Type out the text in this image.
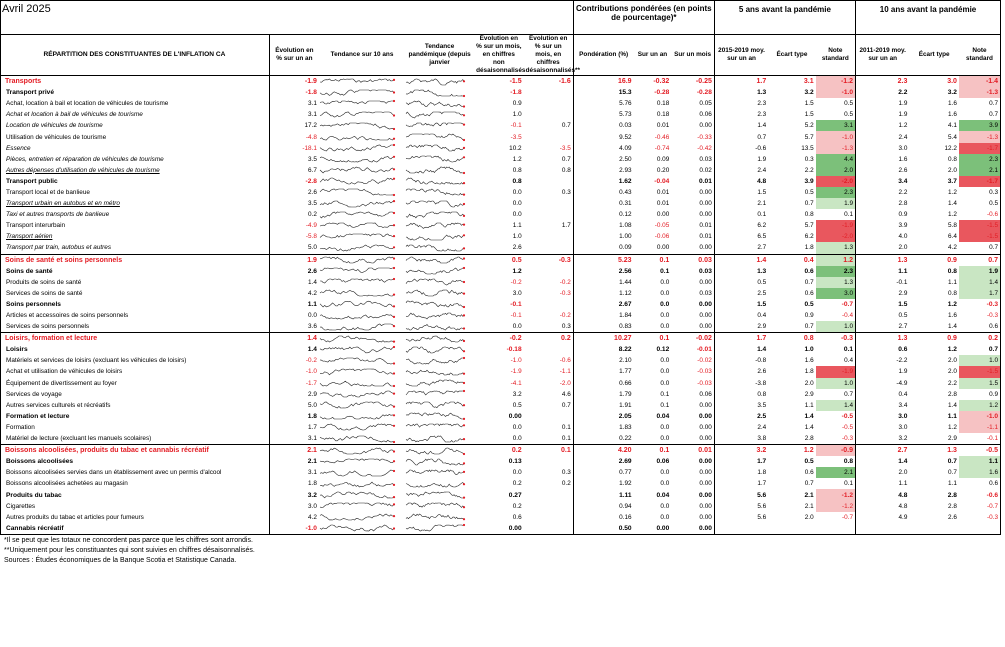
Avril 2025						Contributions pondérées (en points de pourcentage)*			5 ans avant la pandémie			10 ans avant la pandémie		
RÉPARTITION DES CONSTITUANTES DE L'INFLATION CA	Évolution en % sur un an	Tendance sur 10 ans	Tendance pandémique (depuis janvier	Évolution en % sur un mois, en chiffres non désaisonnalisés	Évolution en % sur un mois, en chiffres désaisonnalisés**	Pondération (%)	Sur un an	Sur un mois	2015-2019 moy. sur un an	Écart type	Note standard	2011-2019 moy. sur un an	Écart type	Note standard
Transports	-1.9			-1.5	-1.6	16.9	-0.32	-0.25	1.7	3.1	-1.2	2.3	3.0	-1.4
Transport privé	-1.8			-1.8		15.3	-0.28	-0.28	1.3	3.2	-1.0	2.2	3.2	-1.3
Achat, location à bail et location de véhicules de tourisme	3.1			0.9		5.76	0.18	0.05	2.3	1.5	0.5	1.9	1.6	0.7
Achat et location à bail de véhicules de tourisme	3.1			1.0		5.73	0.18	0.06	2.3	1.5	0.5	1.9	1.6	0.7
Location de véhicules de tourisme	17.2			-0.1	0.7	0.03	0.01	0.00	1.4	5.2	3.1	1.2	4.1	3.9
Utilisation de véhicules de tourisme	-4.8			-3.5		9.52	-0.46	-0.33	0.7	5.7	-1.0	2.4	5.4	-1.3
Essence	-18.1			10.2	-3.5	4.09	-0.74	-0.42	-0.6	13.5	-1.3	3.0	12.2	-1.7
Pièces, entretien et réparation de véhicules de tourisme	3.5			1.2	0.7	2.50	0.09	0.03	1.9	0.3	4.4	1.6	0.8	2.3
Autres dépenses d'utilisation de véhicules de tourisme	6.7			0.8	0.8	2.93	0.20	0.02	2.4	2.2	2.0	2.6	2.0	2.1
Transport public	-2.8			0.8		1.62	-0.04	0.01	4.8	3.9	-2.0	3.4	3.7	-1.7
Transport local et de banlieue	2.6			0.0	0.3	0.43	0.01	0.00	1.5	0.5	2.3	2.2	1.2	0.3
Transport urbain en autobus et en métro	3.5			0.0		0.31	0.01	0.00	2.1	0.7	1.9	2.8	1.4	0.5
Taxi et autres transports de banlieue	0.2			0.0		0.12	0.00	0.00	0.1	0.8	0.1	0.9	1.2	-0.6
Transport interurbain	-4.9			1.1	1.7	1.08	-0.05	0.01	6.2	5.7	-1.9	3.9	5.8	-1.5
Transport aérien	-5.8			1.0		1.00	-0.06	0.01	6.5	6.2	-2.0	4.0	6.4	-1.5
Transport par train, autobus et autres	5.0			2.6		0.09	0.00	0.00	2.7	1.8	1.3	2.0	4.2	0.7
Soins de santé et soins personnels	1.9			0.5	-0.3	5.23	0.1	0.03	1.4	0.4	1.2	1.3	0.9	0.7
Soins de santé	2.6			1.2		2.56	0.1	0.03	1.3	0.6	2.3	1.1	0.8	1.9
Produits de soins de santé	1.4			-0.2	-0.2	1.44	0.0	0.00	0.5	0.7	1.3	-0.1	1.1	1.4
Services de soins de santé	4.2			3.0	-0.3	1.12	0.0	0.03	2.5	0.6	3.0	2.9	0.8	1.7
Soins personnels	1.1			-0.1		2.67	0.0	0.00	1.5	0.5	-0.7	1.5	1.2	-0.3
Articles et accessoires de soins personnels	0.0			-0.1	-0.2	1.84	0.0	0.00	0.4	0.9	-0.4	0.5	1.6	-0.3
Services de soins personnels	3.6			0.0	0.3	0.83	0.0	0.00	2.9	0.7	1.0	2.7	1.4	0.6
Loisirs, formation et lecture	1.4			-0.2	0.2	10.27	0.1	-0.02	1.7	0.8	-0.3	1.3	0.9	0.2
Loisirs	1.4			-0.18		8.22	0.12	-0.01	1.4	1.0	0.1	0.6	1.2	0.7
Matériels et services de loisirs (excluant les véhicules de loisirs)	-0.2			-1.0	-0.6	2.10	0.0	-0.02	-0.8	1.6	0.4	-2.2	2.0	1.0
Achat et utilisation de véhicules de loisirs	-1.0			-1.9	-1.1	1.77	0.0	-0.03	2.6	1.8	-1.9	1.9	2.0	-1.5
Équipement de divertissement au foyer	-1.7			-4.1	-2.0	0.66	0.0	-0.03	-3.8	2.0	1.0	-4.9	2.2	1.5
Services de voyage	2.9			3.2	4.6	1.79	0.1	0.06	0.8	2.9	0.7	0.4	2.8	0.9
Autres services culturels et récréatifs	5.0			0.5	0.7	1.91	0.1	0.00	3.5	1.1	1.4	3.4	1.4	1.2
Formation et lecture	1.8			0.00		2.05	0.04	0.00	2.5	1.4	-0.5	3.0	1.1	-1.0
Formation	1.7			0.0	0.1	1.83	0.0	0.00	2.4	1.4	-0.5	3.0	1.2	-1.1
Matériel de lecture (excluant les manuels scolaires)	3.1			0.0	0.1	0.22	0.0	0.00	3.8	2.8	-0.3	3.2	2.9	-0.1
Boissons alcoolisées, produits du tabac et cannabis récréatif	2.1			0.2	0.1	4.20	0.1	0.01	3.2	1.2	-0.9	2.7	1.3	-0.5
Boissons alcoolisées	2.1			0.13		2.69	0.06	0.00	1.7	0.5	0.8	1.4	0.7	1.1
Boissons alcoolisées servies dans un établissement avec un permis d'alcool	3.1			0.0	0.3	0.77	0.0	0.00	1.8	0.6	2.1	2.0	0.7	1.6
Boissons alcoolisées achetées au magasin	1.8			0.2	0.2	1.92	0.0	0.00	1.7	0.7	0.1	1.1	1.1	0.6
Produits du tabac	3.2			0.27		1.11	0.04	0.00	5.6	2.1	-1.2	4.8	2.8	-0.6
Cigarettes	3.0			0.2		0.94	0.0	0.00	5.6	2.1	-1.2	4.8	2.8	-0.7
Autres produits du tabac et articles pour fumeurs	4.2			0.6		0.16	0.0	0.00	5.6	2.0	-0.7	4.9	2.6	-0.3
Cannabis récréatif	-1.0			0.00		0.50	0.00	0.00						
*Il se peut que les totaux ne concordent pas parce que les chiffres sont arrondis.
**Uniquement pour les constituantes qui sont suivies en chiffres désaisonnalisés.
Sources : Études économiques de la Banque Scotia et Statistique Canada.
